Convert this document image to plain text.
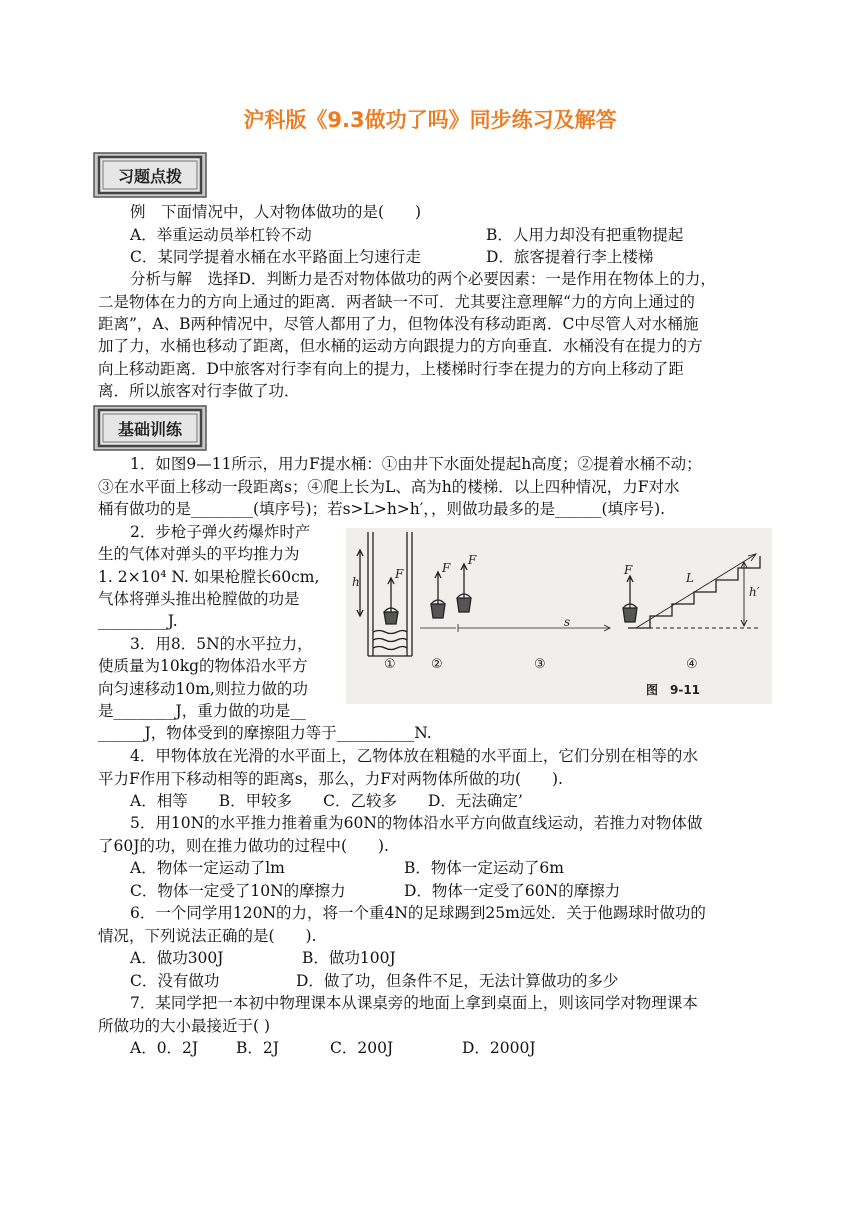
沪科版《9.3做功了吗》同步练习及解答
习题点拨
例　下面情况中，人对物体做功的是(　　)
A．举重运动员举杠铃不动	B．人用力却没有把重物提起
C．某同学提着水桶在水平路面上匀速行走	D．旅客提着行李上楼梯
分析与解　选择D．判断力是否对物体做功的两个必要因素：一是作用在物体上的力，
二是物体在力的方向上通过的距离．两者缺一不可．尤其要注意理解“力的方向上通过的
距离”，A、B两种情况中，尽管人都用了力，但物体没有移动距离．C中尽管人对水桶施
加了力，水桶也移动了距离，但水桶的运动方向跟提力的方向垂直．水桶没有在提力的方
向上移动距离．D中旅客对行李有向上的提力，上楼梯时行李在提力的方向上移动了距
离．所以旅客对行李做了功．
基础训练
1．如图9—11所示，用力F提水桶：①由井下水面处提起h高度；②提着水桶不动；
③在水平面上移动一段距离s；④爬上长为L、高为h的楼梯．以上四种情况，力F对水
桶有做功的是________(填序号)；若s>L>h>h′，，则做功最多的是______(填序号).
2．步枪子弹火药爆炸时产
生的气体对弹头的平均推力为
1. 2×10⁴ N. 如果枪膛长60cm,
气体将弹头推出枪膛做的功是
_________J.
3．用8．5N的水平拉力，
使质量为10kg的物体沿水平方
向匀速移动10m,则拉力做的功
是________J，重力做的功是__
______J，物体受到的摩擦阻力等于__________N.
h
F	F
F
s
F
L
h′
①	②	③	④
图　9-11
4．甲物体放在光滑的水平面上，乙物体放在粗糙的水平面上，它们分别在相等的水
平力F作用下移动相等的距离s，那么，力F对两物体所做的功(　　).
A．相等　　B．甲较多　　C．乙较多　　D．无法确定’
5．用10N的水平推力推着重为60N的物体沿水平方向做直线运动，若推力对物体做
了60J的功，则在推力做功的过程中(　　).
A．物体一定运动了lm	B．物体一定运动了6m
C．物体一定受了10N的摩擦力	D．物体一定受了60N的摩擦力
6．一个同学用120N的力，将一个重4N的足球踢到25m远处．关于他踢球时做功的
情况，下列说法正确的是(　　).
A．做功300J	B．做功100J
C．没有做功	D．做了功，但条件不足，无法计算做功的多少
7．某同学把一本初中物理课本从课桌旁的地面上拿到桌面上，则该同学对物理课本
所做功的大小最接近于( )
A．0．2J B．2J	C．200J	D．2000J
